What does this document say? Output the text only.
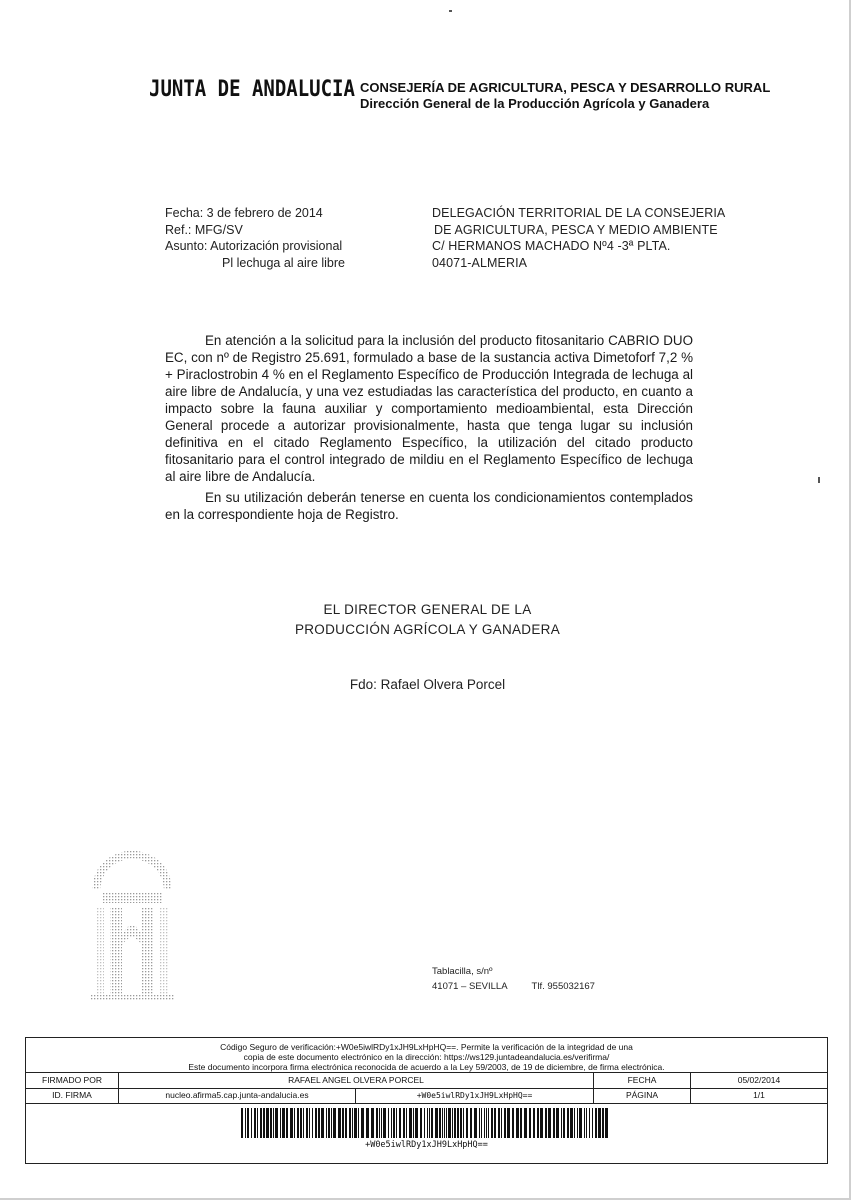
JUNTA DE ANDALUCIA CONSEJERÍA DE AGRICULTURA, PESCA Y DESARROLLO RURAL
Dirección General de la Producción Agrícola y Ganadera
Fecha: 3 de febrero de 2014
Ref.: MFG/SV
Asunto: Autorización provisional
Pl lechuga al aire libre
DELEGACIÓN TERRITORIAL DE LA CONSEJERIA
DE AGRICULTURA, PESCA Y MEDIO AMBIENTE
C/ HERMANOS MACHADO Nº4 -3ª PLTA.
04071-ALMERIA

En atención a la solicitud para la inclusión del producto fitosanitario CABRIO DUO EC, con nº de Registro 25.691, formulado a base de la sustancia activa Dimetoforf 7,2 % + Piraclostrobin 4 % en el Reglamento Específico de Producción Integrada de lechuga al aire libre de Andalucía, y una vez estudiadas las característica del producto, en cuanto a impacto sobre la fauna auxiliar y comportamiento medioambiental, esta Dirección General procede a autorizar provisionalmente, hasta que tenga lugar su inclusión definitiva en el citado Reglamento Específico, la utilización del citado producto fitosanitario para el control integrado de mildiu en el Reglamento Específico de lechuga al aire libre de Andalucía.

En su utilización deberán tenerse en cuenta los condicionamientos contemplados en la correspondiente hoja de Registro.

EL DIRECTOR GENERAL DE LA
PRODUCCIÓN AGRÍCOLA Y GANADERA
Fdo: Rafael Olvera Porcel
Tablacilla, s/nº
41071 – SEVILLA	Tlf. 955032167
Código Seguro de verificación:+W0e5iwlRDy1xJH9LxHpHQ==. Permite la verificación de la integridad de una
copia de este documento electrónico en la dirección: https://ws129.juntadeandalucia.es/verifirma/
Este documento incorpora firma electrónica reconocida de acuerdo a la Ley 59/2003, de 19 de diciembre, de firma electrónica.
FIRMADO POR	RAFAEL ANGEL OLVERA PORCEL	FECHA	05/02/2014
ID. FIRMA	nucleo.afirma5.cap.junta-andalucia.es	+W0e5iwlRDy1xJH9LxHpHQ==	PÁGINA	1/1
+W0e5iwlRDy1xJH9LxHpHQ==
